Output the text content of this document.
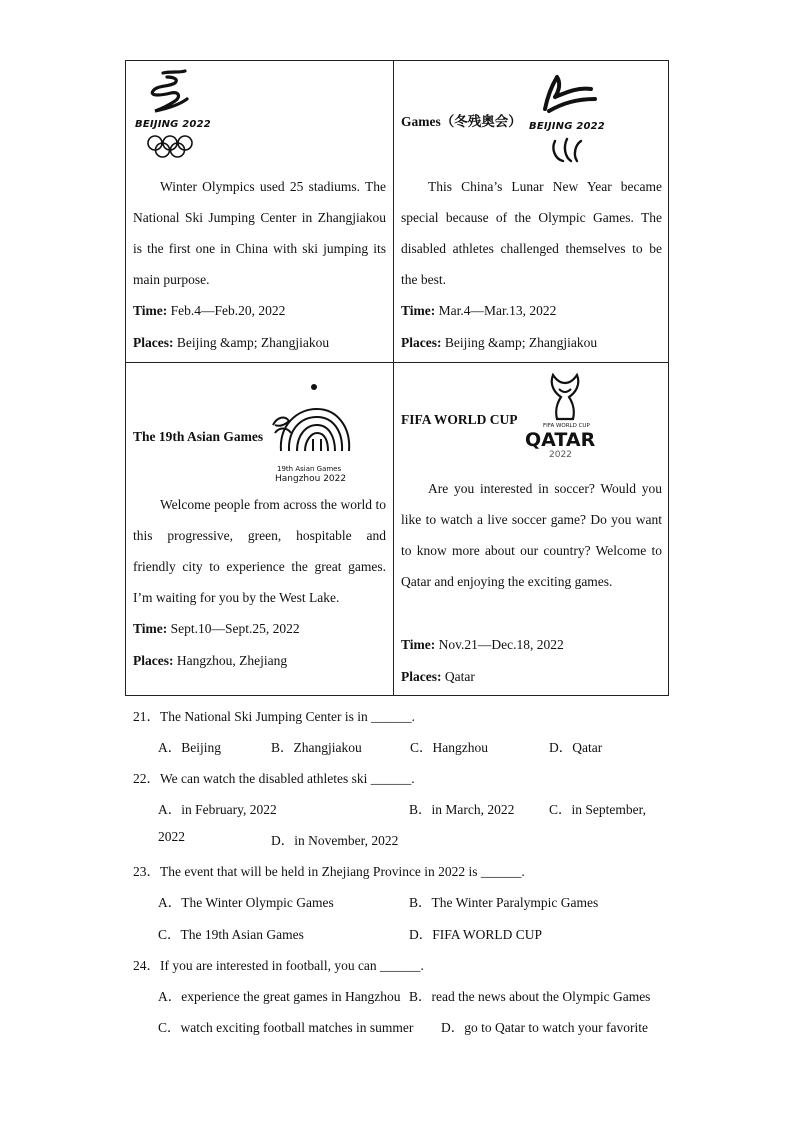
BEIJING 2022

Winter Olympics used 25 stadiums. The National Ski Jumping Center in Zhangjiakou is the first one in China with ski jumping its main purpose.

Time: Feb.4—Feb.20, 2022
Places: Beijing &amp; Zhangjiakou
Games（冬残奥会） BEIJING 2022

This China’s Lunar New Year became special because of the Olympic Games. The disabled athletes challenged themselves to be the best.

Time: Mar.4—Mar.13, 2022
Places: Beijing &amp; Zhangjiakou
The 19th Asian Games
19th Asian Games
Hangzhou 2022

Welcome people from across the world to this progressive, green, hospitable and friendly city to experience the great games. I’m waiting for you by the West Lake.

Time: Sept.10—Sept.25, 2022
Places: Hangzhou, Zhejiang
FIFA WORLD CUP	FIFA WORLD CUP
QATAR
2022

Are you interested in soccer? Would you like to watch a live soccer game? Do you want to know more about our country? Welcome to Qatar and enjoying the exciting games.

Time: Nov.21—Dec.18, 2022
Places: Qatar
21．The National Ski Jumping Center is in ______.
A．Beijing	B．Zhangjiakou	C．Hangzhou	D．Qatar
22．We can watch the disabled athletes ski ______.
A．in February, 2022	B．in March, 2022	C．in September,
2022	D．in November, 2022
23．The event that will be held in Zhejiang Province in 2022 is ______.
A．The Winter Olympic Games	B．The Winter Paralympic Games
C．The 19th Asian Games	D．FIFA WORLD CUP
24．If you are interested in football, you can ______.
A．experience the great games in Hangzhou B．read the news about the Olympic Games
C．watch exciting football matches in summer D．go to Qatar to watch your favorite
